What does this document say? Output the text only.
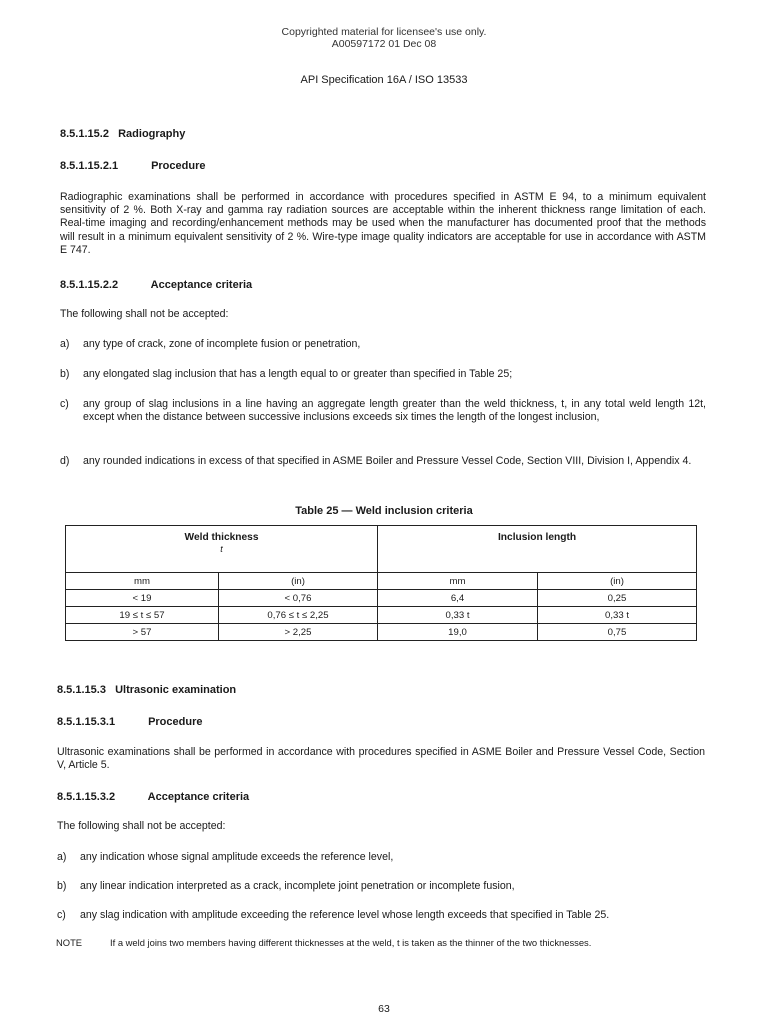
Copyrighted material for licensee's use only.
A00597172 01 Dec 08
API Specification 16A / ISO 13533
8.5.1.15.2 Radiography
8.5.1.15.2.1	Procedure
Radiographic examinations shall be performed in accordance with procedures specified in ASTM E 94, to a minimum equivalent sensitivity of 2 %. Both X-ray and gamma ray radiation sources are acceptable within the inherent thickness range limitation of each. Real-time imaging and recording/enhancement methods may be used when the manufacturer has documented proof that the methods will result in a minimum equivalent sensitivity of 2 %. Wire-type image quality indicators are acceptable for use in accordance with ASTM E 747.
8.5.1.15.2.2	Acceptance criteria
The following shall not be accepted:
a) any type of crack, zone of incomplete fusion or penetration,
b) any elongated slag inclusion that has a length equal to or greater than specified in Table 25;
c) any group of slag inclusions in a line having an aggregate length greater than the weld thickness, t, in any total weld length 12t, except when the distance between successive inclusions exceeds six times the length of the longest inclusion,
d) any rounded indications in excess of that specified in ASME Boiler and Pressure Vessel Code, Section VIII, Division I, Appendix 4.
Table 25 — Weld inclusion criteria
Weld thickness
t		Inclusion length	
mm	(in)	mm	(in)
< 19	< 0,76	6,4	0,25
19 ≤ t ≤ 57	0,76 ≤ t ≤ 2,25	0,33 t	0,33 t
> 57	> 2,25	19,0	0,75
8.5.1.15.3 Ultrasonic examination
8.5.1.15.3.1	Procedure
Ultrasonic examinations shall be performed in accordance with procedures specified in ASME Boiler and Pressure Vessel Code, Section V, Article 5.
8.5.1.15.3.2	Acceptance criteria
The following shall not be accepted:
a) any indication whose signal amplitude exceeds the reference level,
b) any linear indication interpreted as a crack, incomplete joint penetration or incomplete fusion,
c) any slag indication with amplitude exceeding the reference level whose length exceeds that specified in Table 25.
NOTE	If a weld joins two members having different thicknesses at the weld, t is taken as the thinner of the two thicknesses.
63
